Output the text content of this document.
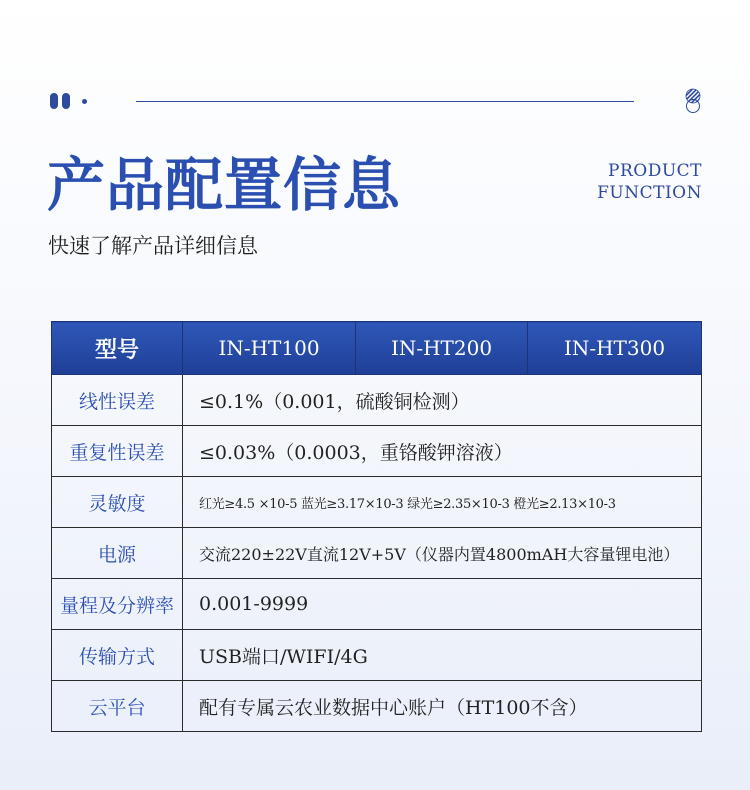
产品配置信息	PRODUCT
FUNCTION
快速了解产品详细信息
型号	IN-HT100	IN-HT200	IN-HT300
线性误差	≤0.1%（0.001，硫酸铜检测）		
重复性误差	≤0.03%（0.0003，重铬酸钾溶液）		
灵敏度	红光≥4.5 ×10-5 蓝光≥3.17×10-3 绿光≥2.35×10-3 橙光≥2.13×10-3		
电源	交流220±22V直流12V+5V（仪器内置4800mAH大容量锂电池）		
量程及分辨率	0.001-9999		
传输方式	USB端口/WIFI/4G		
云平台	配有专属云农业数据中心账户（HT100不含）		
